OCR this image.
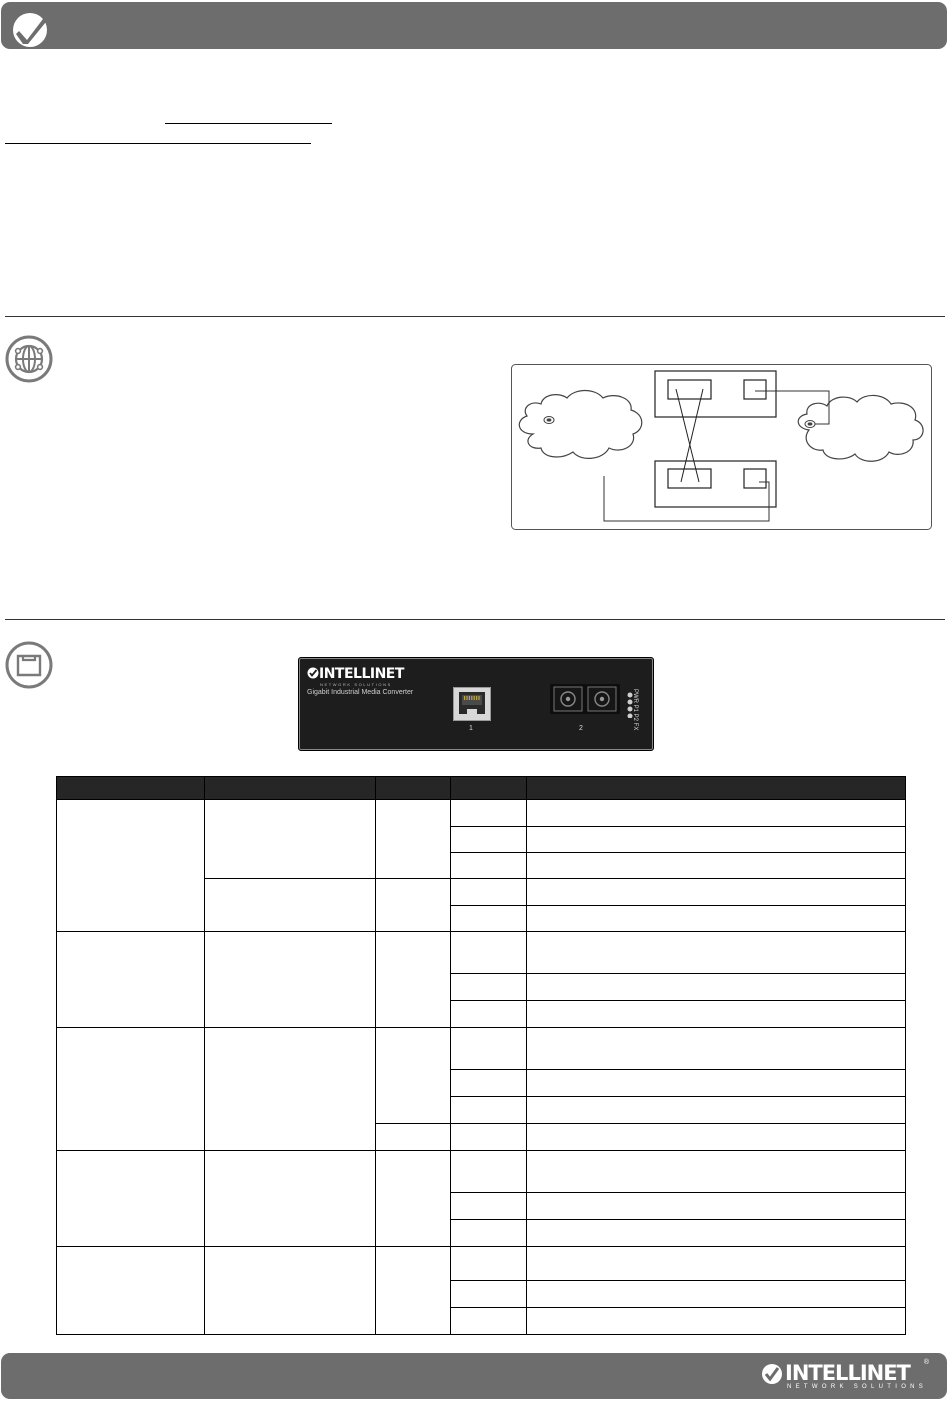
INTELLINET
NETWORK SOLUTIONS
Gigabit Industrial Media Converter
1	2	PWR P1 P2 FX

INTELLINET
NETWORK SOLUTIONS
®
